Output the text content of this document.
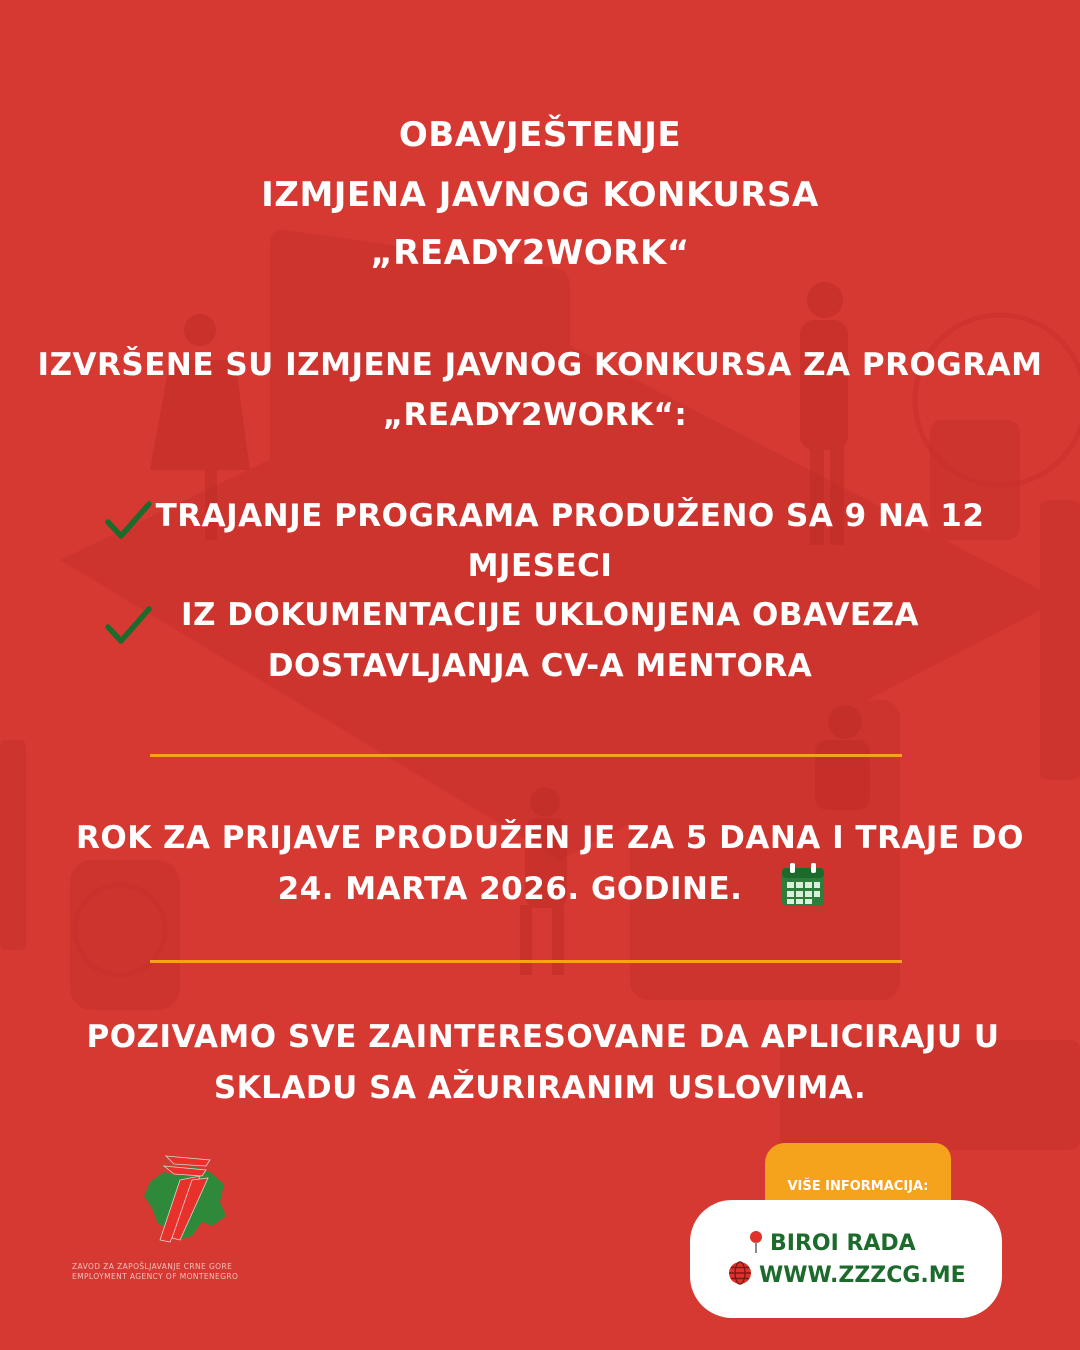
OBAVJEŠTENJE
IZMJENA JAVNOG KONKURSA
„READY2WORK“
IZVRŠENE SU IZMJENE JAVNOG KONKURSA ZA PROGRAM
„READY2WORK“:
TRAJANJE PROGRAMA PRODUŽENO SA 9 NA 12
MJESECI
IZ DOKUMENTACIJE UKLONJENA OBAVEZA
DOSTAVLJANJA CV-A MENTORA
ROK ZA PRIJAVE PRODUŽEN JE ZA 5 DANA I TRAJE DO
24. MARTA 2026. GODINE.
POZIVAMO SVE ZAINTERESOVANE DA APLICIRAJU U
SKLADU SA AŽURIRANIM USLOVIMA.
ZAVOD ZA ZAPOŠLJAVANJE CRNE GORE
EMPLOYMENT AGENCY OF MONTENEGRO
VIŠE INFORMACIJA:
BIROI RADA
WWW.ZZZCG.ME
